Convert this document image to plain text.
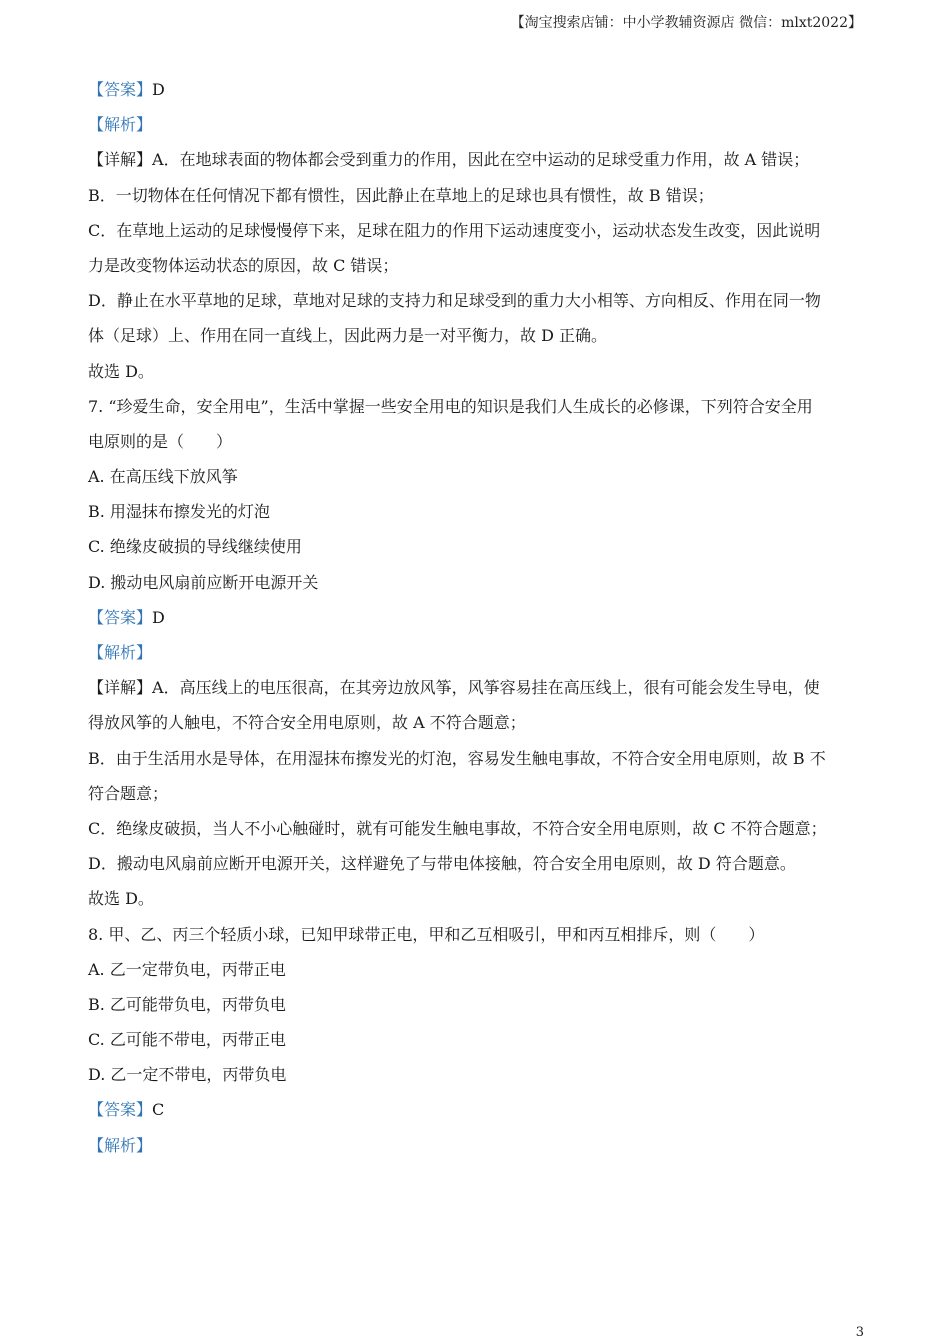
【淘宝搜索店铺：中小学教辅资源店 微信：mlxt2022】
【答案】D
【解析】
【详解】A．在地球表面的物体都会受到重力的作用，因此在空中运动的足球受重力作用，故 A 错误；
B．一切物体在任何情况下都有惯性，因此静止在草地上的足球也具有惯性，故 B 错误；
C．在草地上运动的足球慢慢停下来，足球在阻力的作用下运动速度变小，运动状态发生改变，因此说明
力是改变物体运动状态的原因，故 C 错误；
D．静止在水平草地的足球，草地对足球的支持力和足球受到的重力大小相等、方向相反、作用在同一物
体（足球）上、作用在同一直线上，因此两力是一对平衡力，故 D 正确。
故选 D。
7. “珍爱生命，安全用电”，生活中掌握一些安全用电的知识是我们人生成长的必修课，下列符合安全用
电原则的是（　　）
A. 在高压线下放风筝
B. 用湿抹布擦发光的灯泡
C. 绝缘皮破损的导线继续使用
D. 搬动电风扇前应断开电源开关
【答案】D
【解析】
【详解】A．高压线上的电压很高，在其旁边放风筝，风筝容易挂在高压线上，很有可能会发生导电，使
得放风筝的人触电，不符合安全用电原则，故 A 不符合题意；
B．由于生活用水是导体，在用湿抹布擦发光的灯泡，容易发生触电事故，不符合安全用电原则，故 B 不
符合题意；
C．绝缘皮破损，当人不小心触碰时，就有可能发生触电事故，不符合安全用电原则，故 C 不符合题意；
D．搬动电风扇前应断开电源开关，这样避免了与带电体接触，符合安全用电原则，故 D 符合题意。
故选 D。
8. 甲、乙、丙三个轻质小球，已知甲球带正电，甲和乙互相吸引，甲和丙互相排斥，则（　　）
A. 乙一定带负电，丙带正电
B. 乙可能带负电，丙带负电
C. 乙可能不带电，丙带正电
D. 乙一定不带电，丙带负电
【答案】C
【解析】
3
